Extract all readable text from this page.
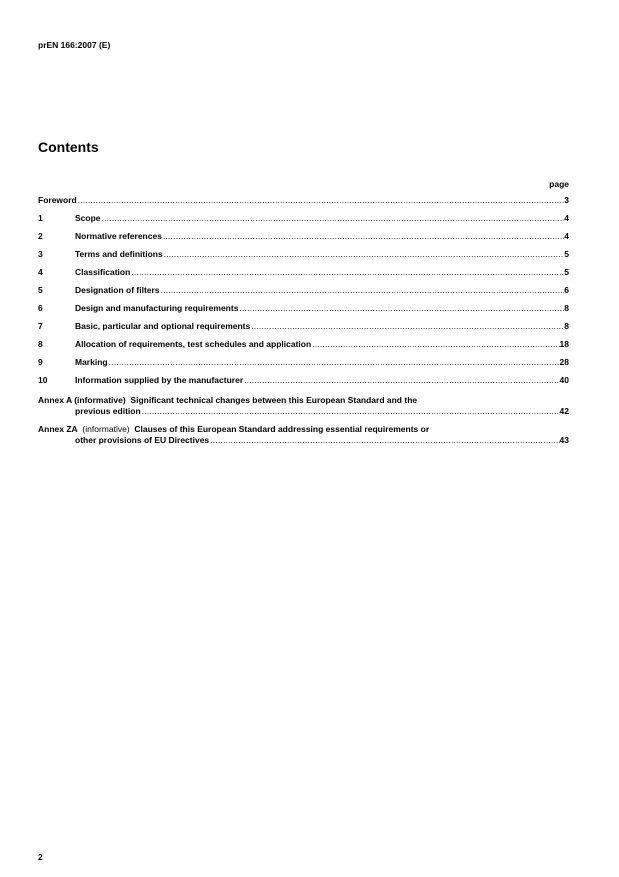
prEN 166:2007 (E)
Contents
page
Foreword .....	3
1	Scope .....	4
2	Normative references .....	4
3	Terms and definitions .....	5
4	Classification .....	5
5	Designation of filters .....	6
6	Design and manufacturing requirements .....	8
7	Basic, particular and optional requirements .....	8
8	Allocation of requirements, test schedules and application .....	18
9	Marking .....	28
10	Information supplied by the manufacturer .....	40
Annex A (informative) Significant technical changes between this European Standard and the
previous edition .....	42
Annex ZA (informative) Clauses of this European Standard addressing essential requirements or
other provisions of EU Directives .....	43
2
